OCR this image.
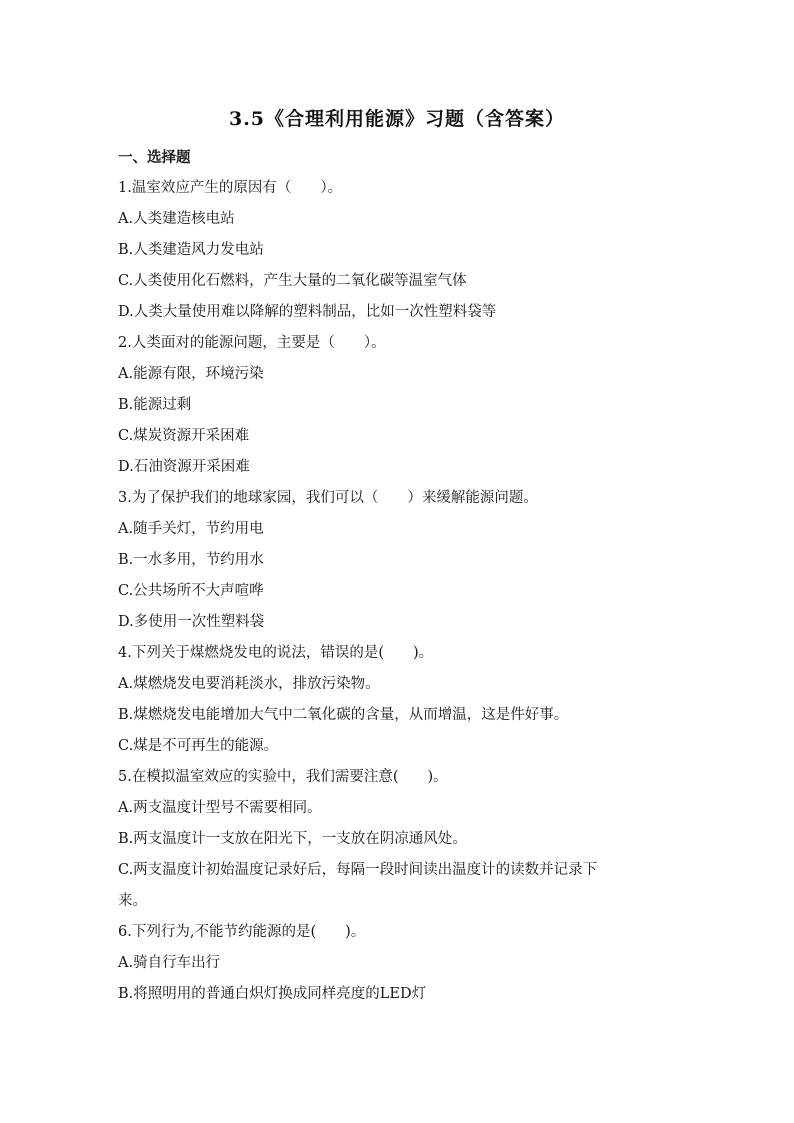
3.5《合理利用能源》习题（含答案）
一、选择题
1.温室效应产生的原因有（　　）。
A.人类建造核电站
B.人类建造风力发电站
C.人类使用化石燃料，产生大量的二氧化碳等温室气体
D.人类大量使用难以降解的塑料制品，比如一次性塑料袋等
2.人类面对的能源问题，主要是（　　）。
A.能源有限，环境污染
B.能源过剩
C.煤炭资源开采困难
D.石油资源开采困难
3.为了保护我们的地球家园，我们可以（　　）来缓解能源问题。
A.随手关灯，节约用电
B.一水多用，节约用水
C.公共场所不大声喧哗
D.多使用一次性塑料袋
4.下列关于煤燃烧发电的说法，错误的是(　　)。
A.煤燃烧发电要消耗淡水，排放污染物。
B.煤燃烧发电能增加大气中二氧化碳的含量，从而增温，这是件好事。
C.煤是不可再生的能源。
5.在模拟温室效应的实验中，我们需要注意(　　)。
A.两支温度计型号不需要相同。
B.两支温度计一支放在阳光下，一支放在阴凉通风处。
C.两支温度计初始温度记录好后，每隔一段时间读出温度计的读数并记录下
来。
6.下列行为,不能节约能源的是(　　)。
A.骑自行车出行
B.将照明用的普通白炽灯换成同样亮度的LED灯
